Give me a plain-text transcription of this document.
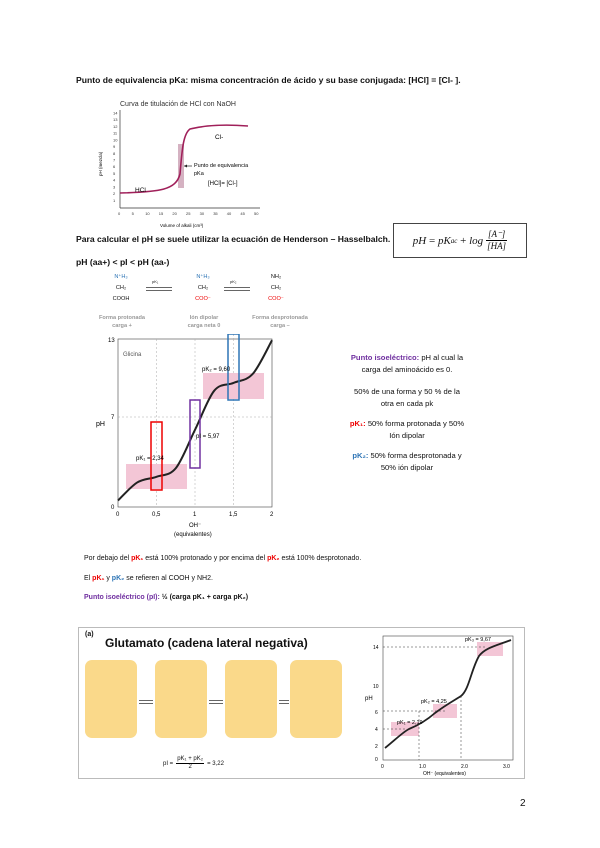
Punto de equivalencia pKa: misma concentración de ácido y su base conjugada: [HCl] = [Cl- ].
Curva de titulación de HCl con NaOH
14
13
12
11
10
9
8
7
6
5
4
3
2
1
0	5	10 15 20 25 30 35 40 45 50
pH (mezcla)
Volume of alkali (cm³)
Cl-
HCl
Punto de equivalencia
pKa
[HCl]= [Cl-]
Para calcular el pH se suele utilizar la ecuación de Henderson – Hasselbalch. pH
=
pK ac
+
log
$\frac{[A^-]}{[HA]}$
pH (aa+) < pI < pH (aa-)
N⁺H₃
CH₂
COOH
N⁺H₃
CH₂
COO⁻
NH₂
CH₂
COO⁻
pK₁	pK₂
Forma protonada
carga +
Ión dipolar
carga neta 0
Forma desprotonada
carga –
Glicina
pK₁ = 2,34
pI = 5,97
pK₂ = 9,60
13
7
0
pH
0	0,5	1	1,5	2
OH⁻
(equivalentes)
Punto isoeléctrico: pH al cual la
carga del aminoácido es 0.
50% de una forma y 50 % de la
otra en cada pk
pK₁: 50% forma protonada y 50%
Ión dipolar
pK₂: 50% forma desprotonada y
50% ión dipolar
Por debajo del pK₁ está 100% protonado y por encima del pK₂ está 100% desprotonado.
El pK₁ y pK₂ se refieren al COOH y NH2.
Punto isoeléctrico (pI): ½ (carga pK₁ + carga pK₂)
(a)
Glutamato (cadena lateral negativa)
pI = $\frac{\text{pK₁ + pK₂}}{2} = 3,22$
pK₁ = 2,19
pK₂ = 4,25
pK₃ = 9,67
14
10
6
4
2
0
pH
0	1.0	2.0	3.0
OH⁻ (equivalentes)
2
